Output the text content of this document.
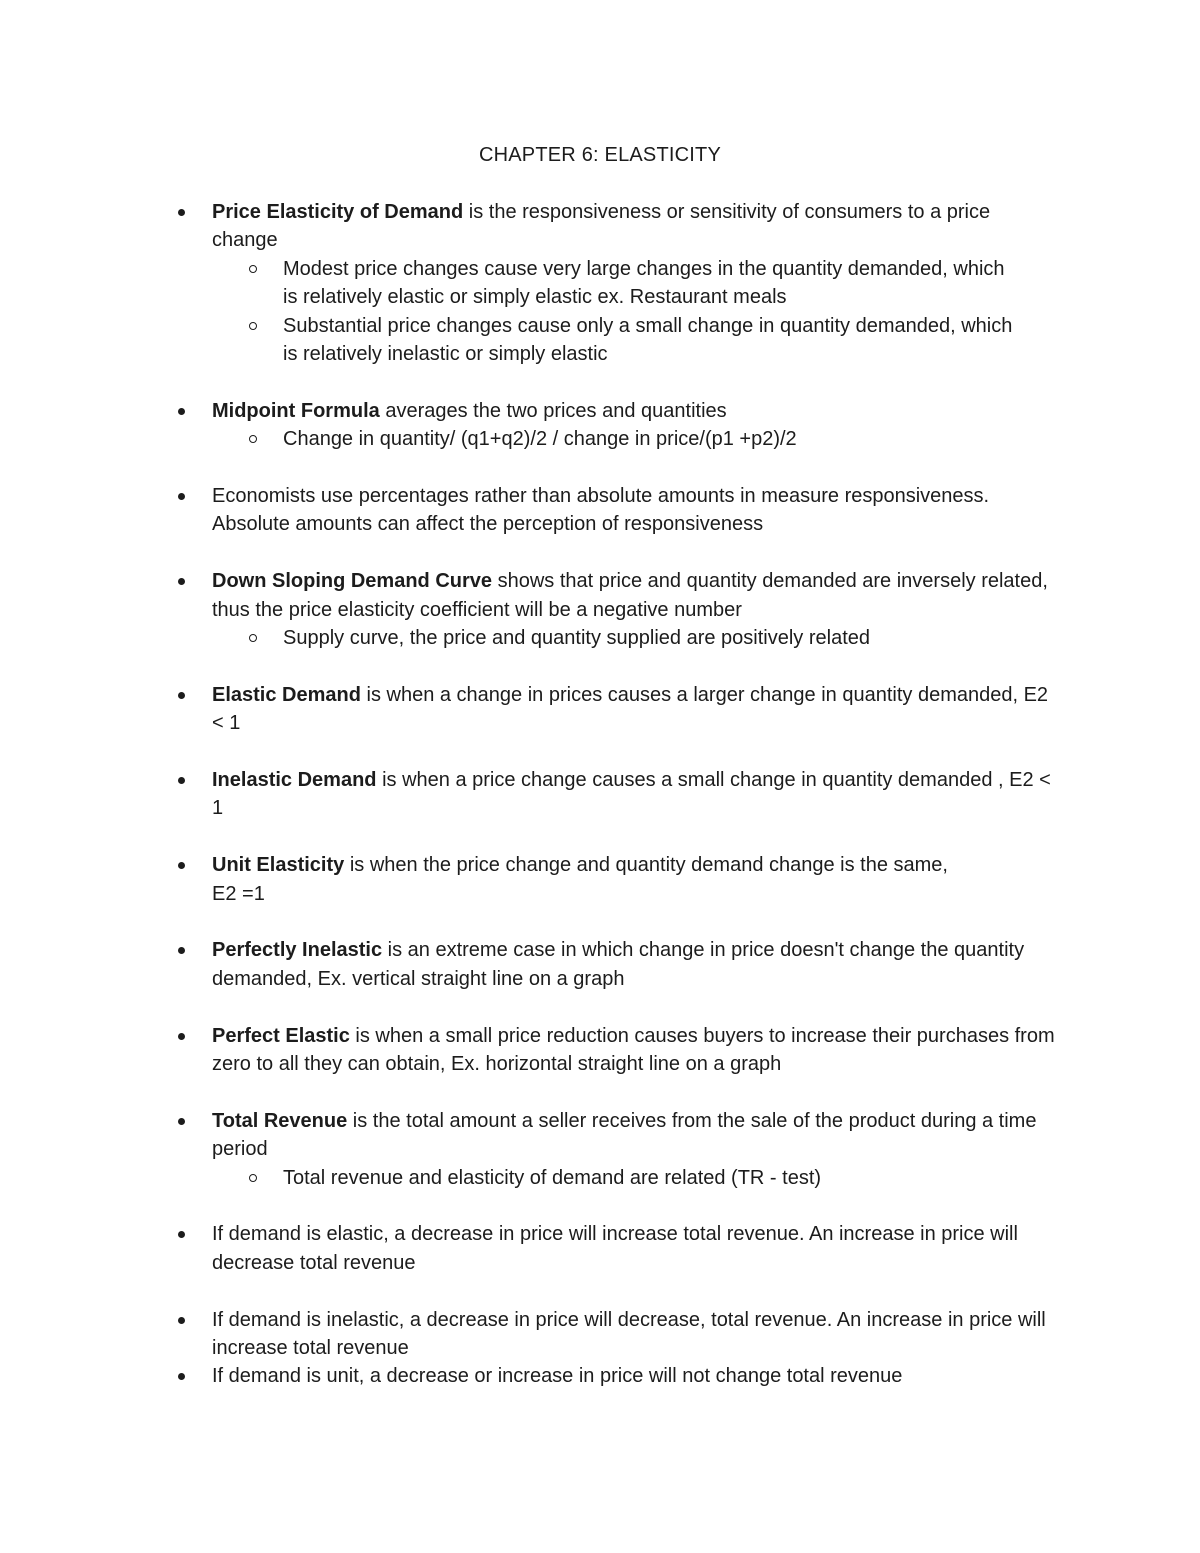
CHAPTER 6: ELASTICITY
Price Elasticity of Demand is the responsiveness or sensitivity of consumers to a price change
Modest price changes cause very large changes in the quantity demanded, which is relatively elastic or simply elastic ex. Restaurant meals
Substantial price changes cause only a small change in quantity demanded, which is relatively inelastic or simply elastic
Midpoint Formula averages the two prices and quantities
Change in quantity/ (q1+q2)/2 / change in price/(p1 +p2)/2
Economists use percentages rather than absolute amounts in measure responsiveness. Absolute amounts can affect the perception of responsiveness
Down Sloping Demand Curve shows that price and quantity demanded are inversely related, thus the price elasticity coefficient will be a negative number
Supply curve, the price and quantity supplied are positively related
Elastic Demand is when a change in prices causes a larger change in quantity demanded, E2 < 1
Inelastic Demand is when a price change causes a small change in quantity demanded , E2 < 1
Unit Elasticity is when the price change and quantity demand change is the same,
E2 =1
Perfectly Inelastic is an extreme case in which change in price doesn't change the quantity demanded, Ex. vertical straight line on a graph
Perfect Elastic is when a small price reduction causes buyers to increase their purchases from zero to all they can obtain, Ex. horizontal straight line on a graph
Total Revenue is the total amount a seller receives from the sale of the product during a time period
Total revenue and elasticity of demand are related (TR - test)
If demand is elastic, a decrease in price will increase total revenue. An increase in price will decrease total revenue
If demand is inelastic, a decrease in price will decrease, total revenue. An increase in price will increase total revenue
If demand is unit, a decrease or increase in price will not change total revenue
